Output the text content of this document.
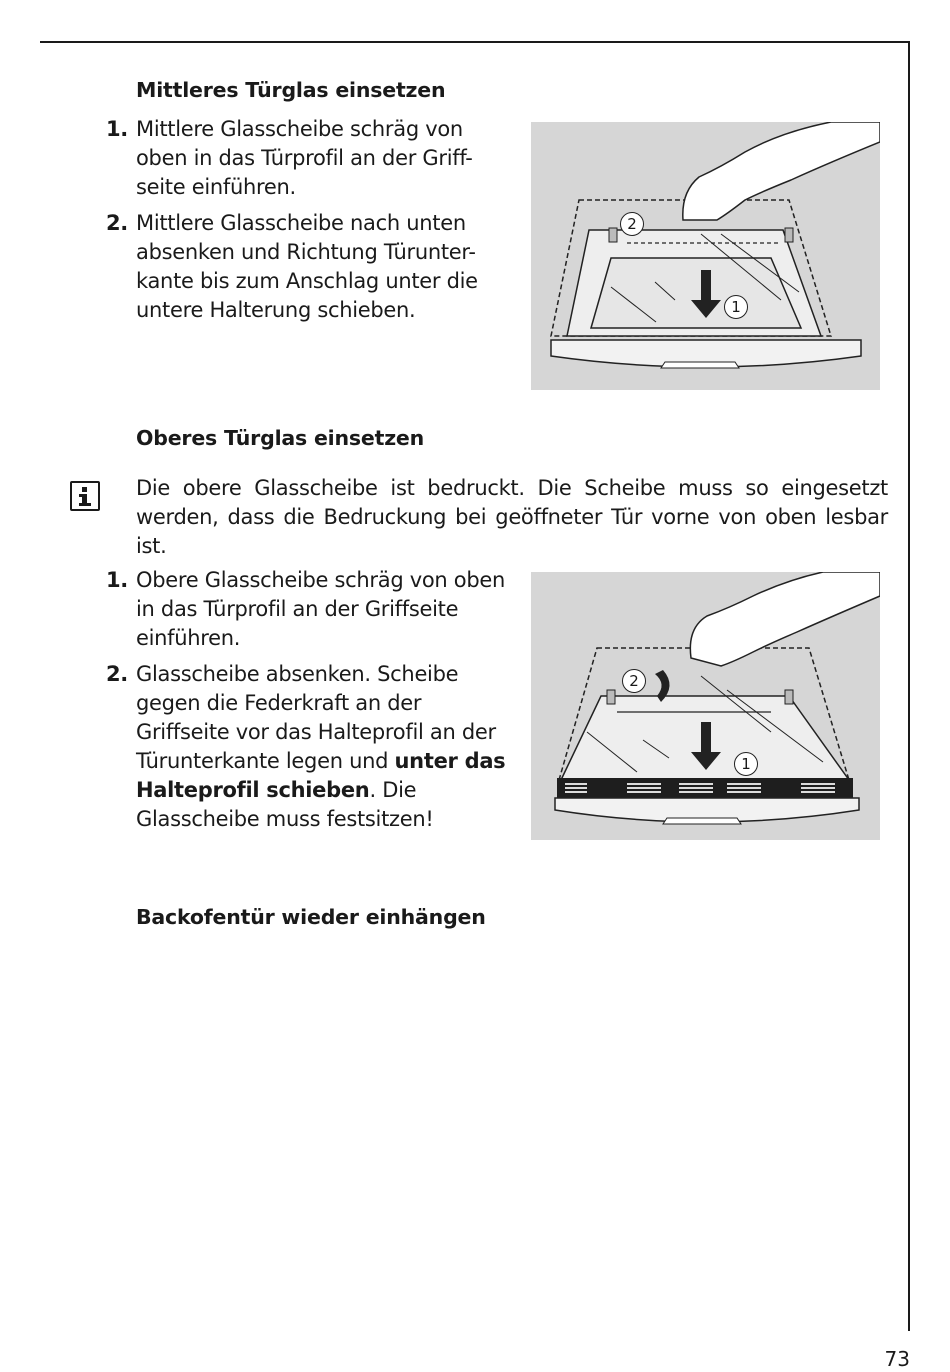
Mittleres Türglas einsetzen
1. Mittlere Glasscheibe schräg von oben in das Türprofil an der Griff-seite einführen.
2. Mittlere Glasscheibe nach unten absenken und Richtung Türunter-kante bis zum Anschlag unter die untere Halterung schieben.
2
1
Oberes Türglas einsetzen
Die obere Glasscheibe ist bedruckt. Die Scheibe muss so eingesetzt werden, dass die Bedruckung bei geöffneter Tür vorne von oben lesbar ist.
1. Obere Glasscheibe schräg von oben in das Türprofil an der Griffseite einführen.
2. Glasscheibe absenken. Scheibe gegen die Federkraft an der Griffseite vor das Halteprofil an der Türunterkante legen und unter das Halteprofil schieben. Die Glasscheibe muss festsitzen!
2
1
Backofentür wieder einhängen
73
